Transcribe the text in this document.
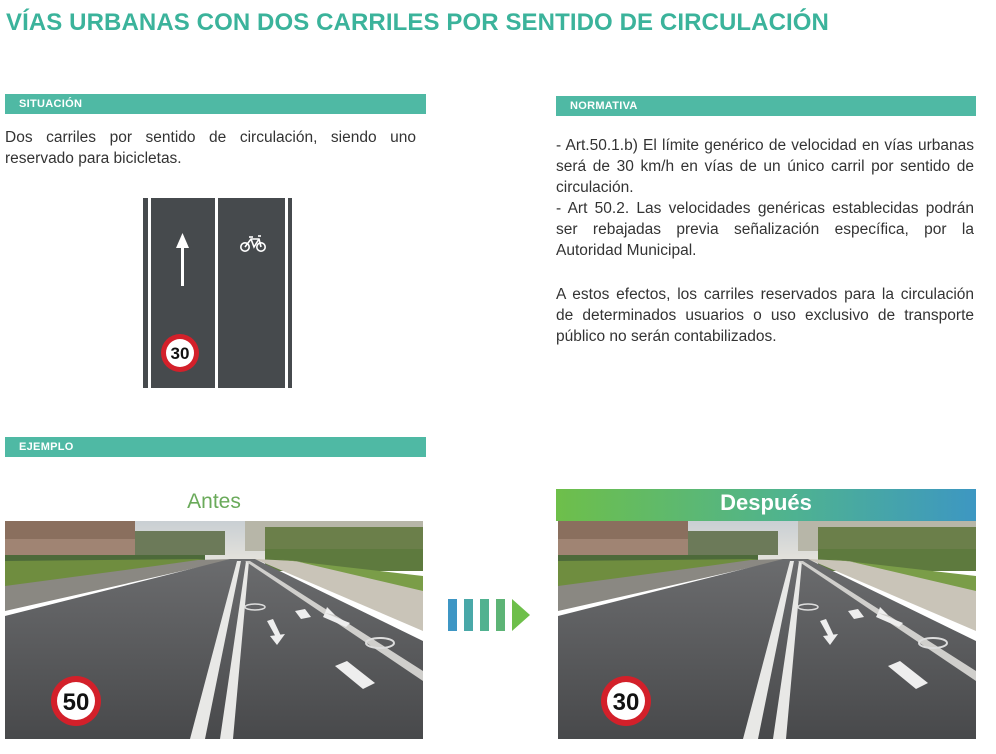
VÍAS URBANAS CON DOS CARRILES POR SENTIDO DE CIRCULACIÓN
SITUACIÓN

Dos carriles por sentido de circulación, siendo uno reservado para bicicletas.

30
NORMATIVA

- Art.50.1.b) El límite genérico de velocidad en vías urbanas será de 30 km/h en vías de un único carril por sentido de circulación.

- Art 50.2. Las velocidades genéricas establecidas podrán ser rebajadas previa señalización específica, por la Autoridad Municipal.

A estos efectos, los carriles reservados para la circulación de determinados usuarios o uso exclusivo de transporte público no serán contabilizados.

EJEMPLO
Antes	Después
50	30
